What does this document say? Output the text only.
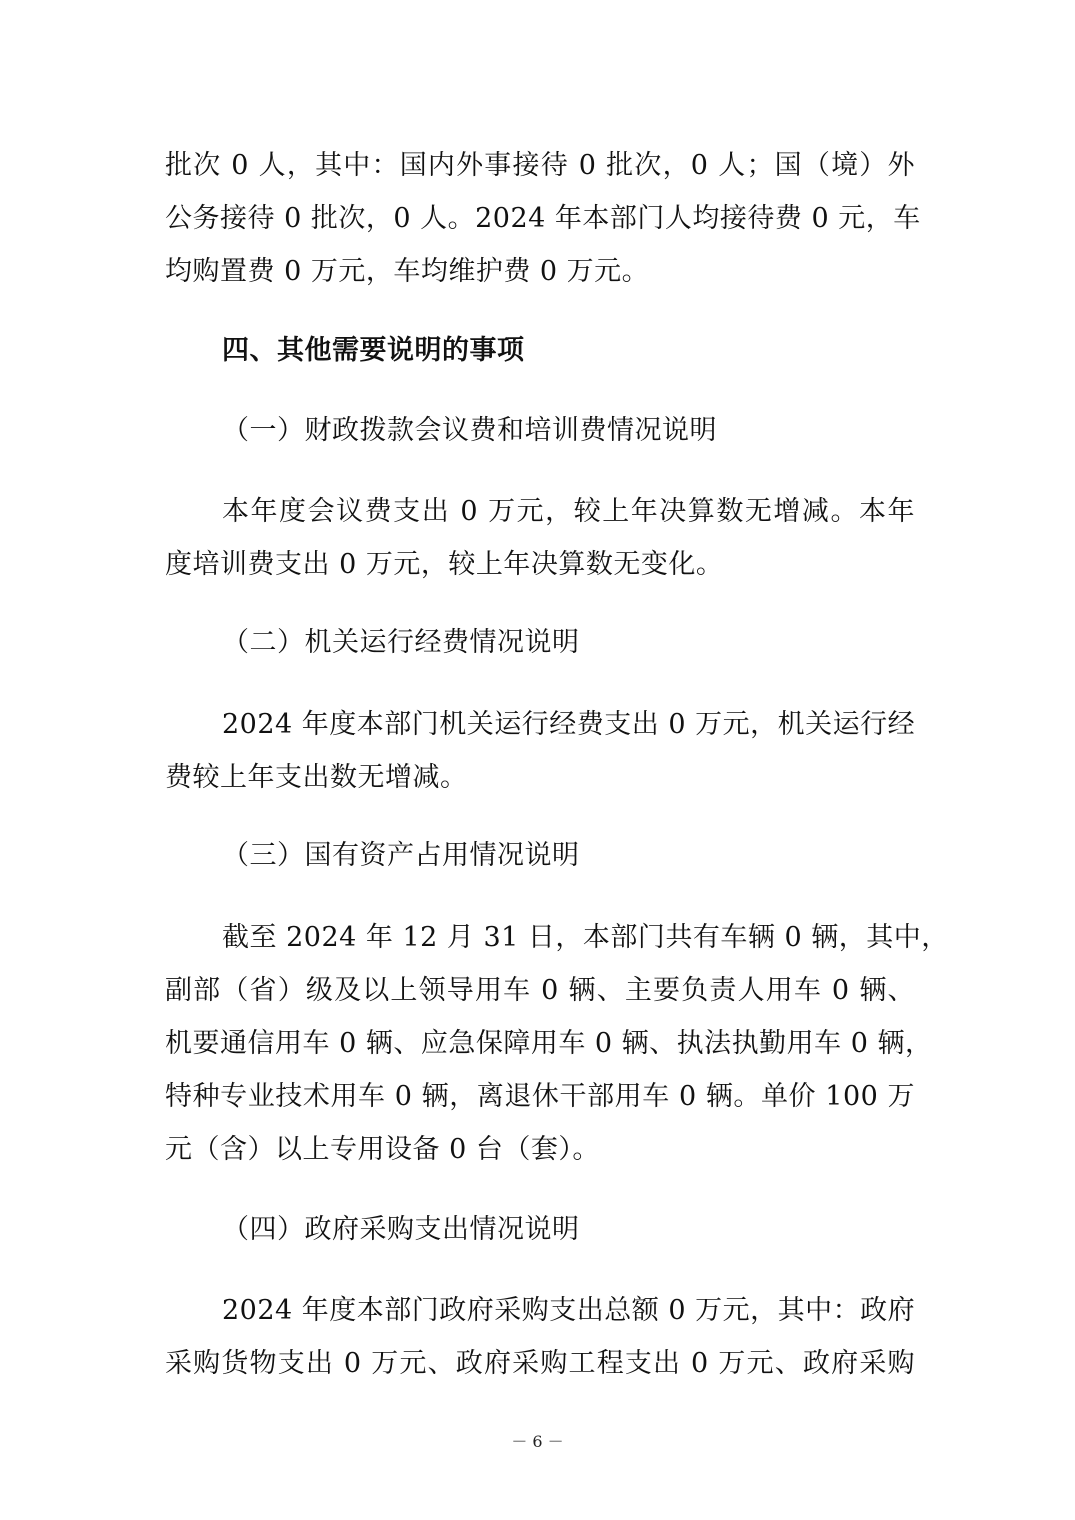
批次 0 人，其中：国内外事接待 0 批次，0 人；国（境）外
公务接待 0 批次，0 人。2024 年本部门人均接待费 0 元，车
均购置费 0 万元，车均维护费 0 万元。
四、其他需要说明的事项
（一）财政拨款会议费和培训费情况说明
本年度会议费支出 0 万元，较上年决算数无增减。本年
度培训费支出 0 万元，较上年决算数无变化。
（二）机关运行经费情况说明
2024 年度本部门机关运行经费支出 0 万元，机关运行经
费较上年支出数无增减。
（三）国有资产占用情况说明
截至 2024 年 12 月 31 日，本部门共有车辆 0 辆，其中，
副部（省）级及以上领导用车 0 辆、主要负责人用车 0 辆、
机要通信用车 0 辆、应急保障用车 0 辆、执法执勤用车 0 辆，
特种专业技术用车 0 辆，离退休干部用车 0 辆。单价 100 万
元（含）以上专用设备 0 台（套）。
（四）政府采购支出情况说明
2024 年度本部门政府采购支出总额 0 万元，其中：政府
采购货物支出 0 万元、政府采购工程支出 0 万元、政府采购
－ 6 －
